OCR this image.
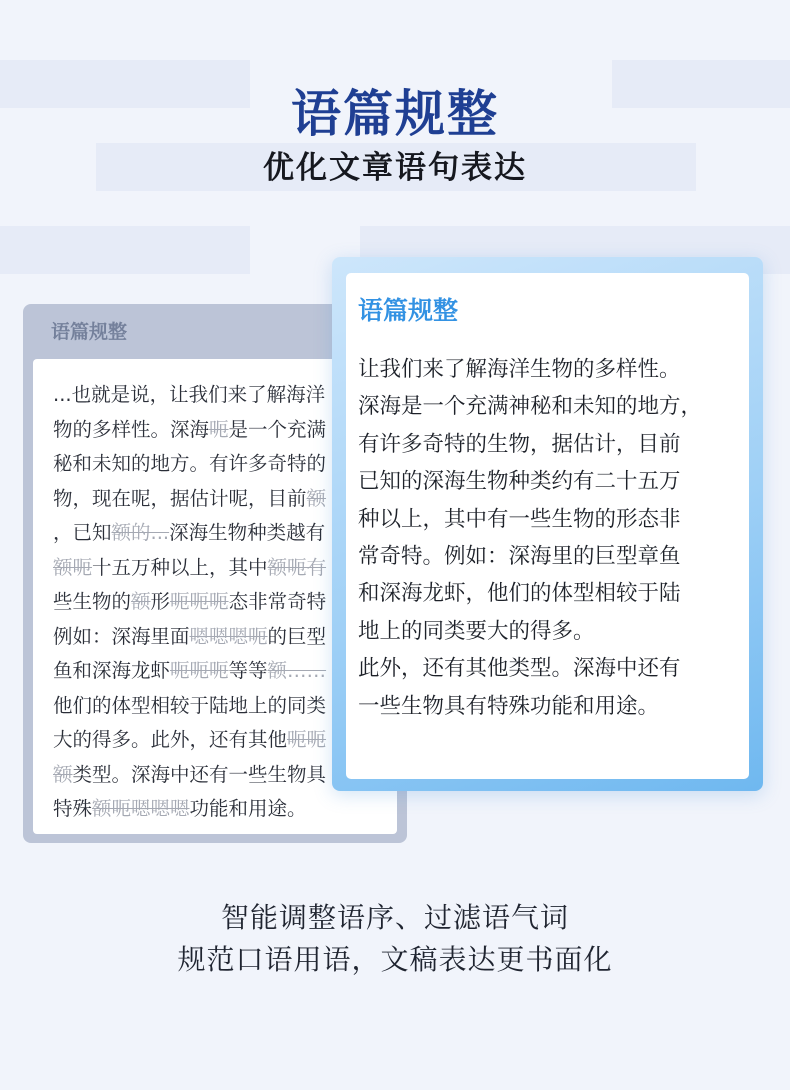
语篇规整
优化文章语句表达
语篇规整
...也就是说，让我们来了解海洋
物的多样性。深海呃是一个充满
秘和未知的地方。有许多奇特的
物，现在呢，据估计呢，目前额
，已知额的...深海生物种类越有
额呃十五万种以上，其中额呃有
些生物的额形呃呃呃态非常奇特
例如：深海里面嗯嗯嗯呃的巨型
鱼和深海龙虾呃呃呃等等额……
他们的体型相较于陆地上的同类
大的得多。此外，还有其他呃呃
额类型。深海中还有一些生物具
特殊额呃嗯嗯嗯功能和用途。
语篇规整
让我们来了解海洋生物的多样性。
深海是一个充满神秘和未知的地方，
有许多奇特的生物，据估计，目前
已知的深海生物种类约有二十五万
种以上，其中有一些生物的形态非
常奇特。例如：深海里的巨型章鱼
和深海龙虾，他们的体型相较于陆
地上的同类要大的得多。
此外，还有其他类型。深海中还有
一些生物具有特殊功能和用途。
智能调整语序、过滤语气词
规范口语用语，文稿表达更书面化
